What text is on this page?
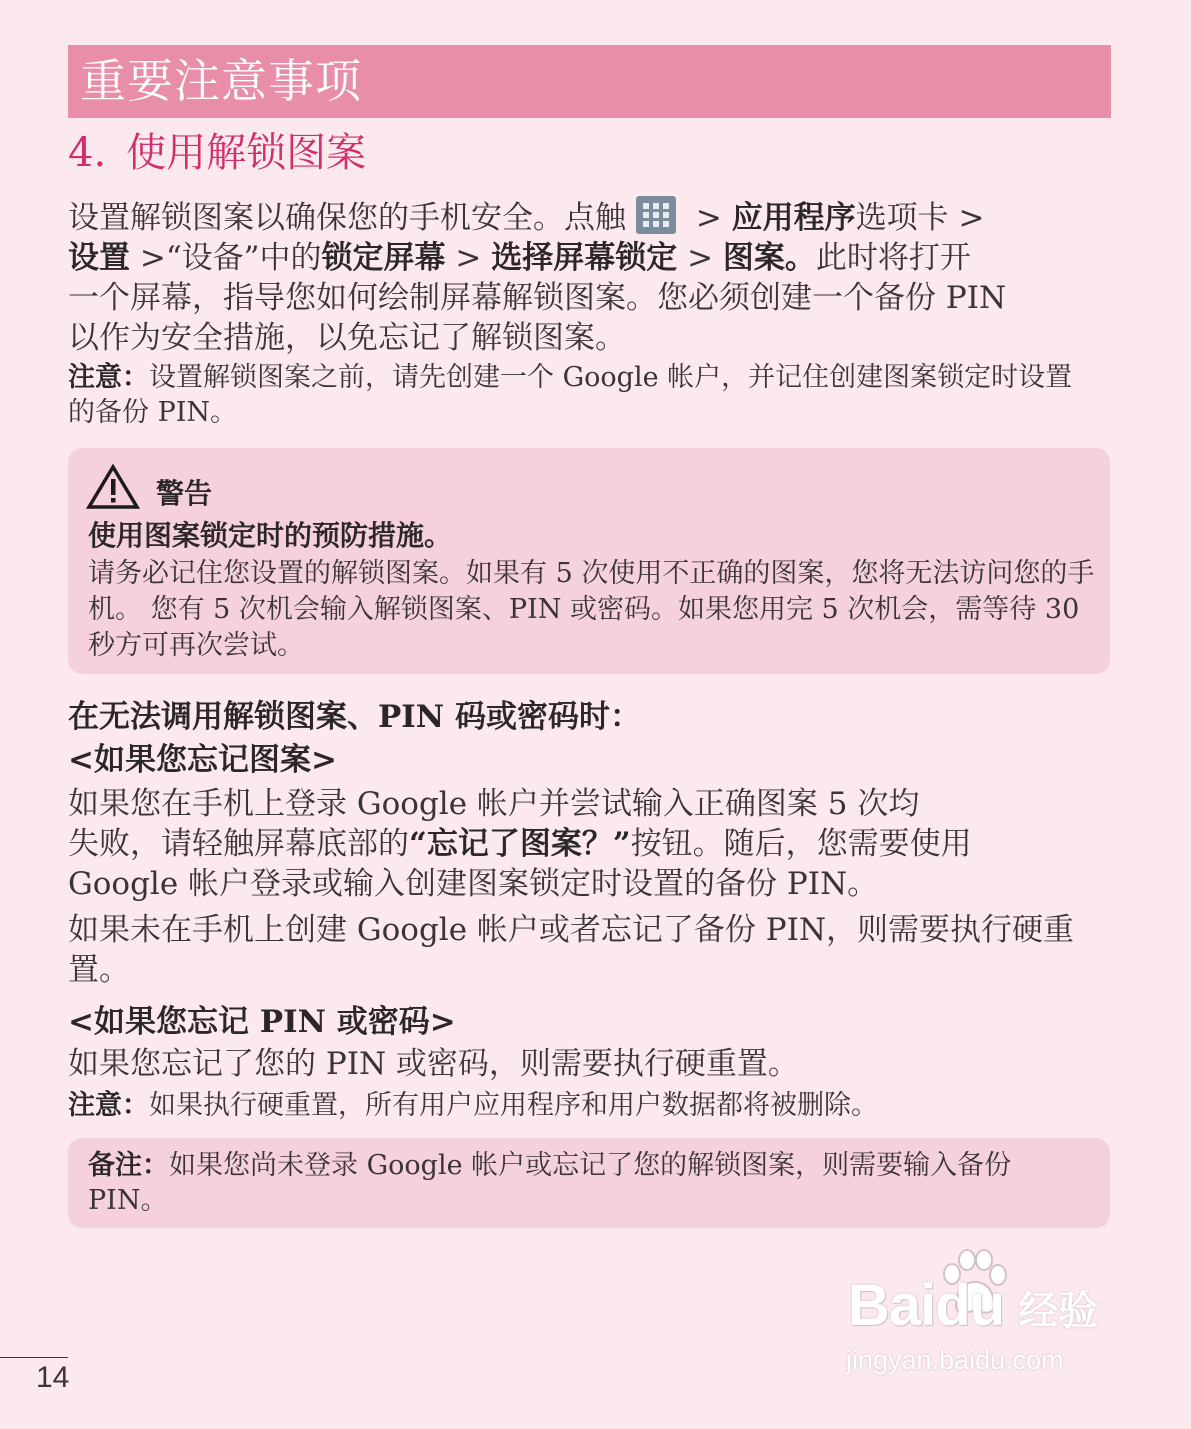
重要注意事项
4. 使用解锁图案
设置解锁图案以确保您的手机安全。点触
> 应用程序选项卡 >
设置 >“设备”中的锁定屏幕 > 选择屏幕锁定 > 图案。此时将打开
一个屏幕，指导您如何绘制屏幕解锁图案。您必须创建一个备份 PIN
以作为安全措施，以免忘记了解锁图案。
注意：设置解锁图案之前，请先创建一个 Google 帐户，并记住创建图案锁定时设置的备份 PIN。
警告
使用图案锁定时的预防措施。
请务必记住您设置的解锁图案。如果有 5 次使用不正确的图案，您将无法访问您的手机。 您有 5 次机会输入解锁图案、PIN 或密码。如果您用完 5 次机会，需等待 30 秒方可再次尝试。
在无法调用解锁图案、PIN 码或密码时：
<如果您忘记图案>
如果您在手机上登录 Google 帐户并尝试输入正确图案 5 次均
失败，请轻触屏幕底部的“忘记了图案？”按钮。随后，您需要使用
Google 帐户登录或输入创建图案锁定时设置的备份 PIN。
如果未在手机上创建 Google 帐户或者忘记了备份 PIN，则需要执行硬重置。
<如果您忘记 PIN 或密码>
如果您忘记了您的 PIN 或密码，则需要执行硬重置。
注意：如果执行硬重置，所有用户应用程序和用户数据都将被删除。
备注：如果您尚未登录 Google 帐户或忘记了您的解锁图案，则需要输入备份 PIN。
14
Baidu 经验
jingyan.baidu.com
